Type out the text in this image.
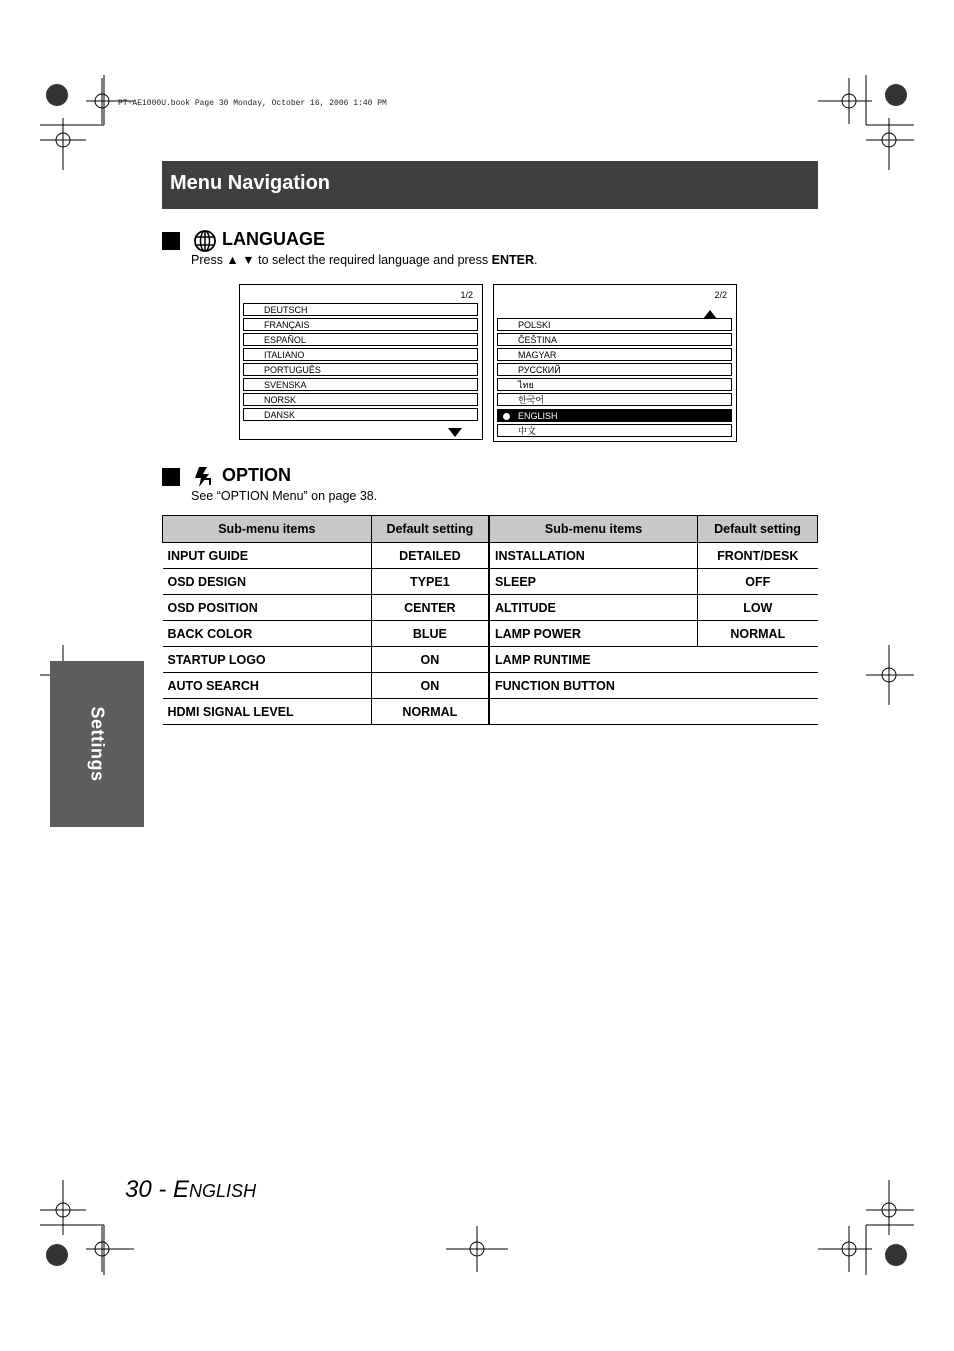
PT-AE1000U.book Page 30 Monday, October 16, 2006 1:40 PM
Menu Navigation
Settings
LANGUAGE
Press ▲ ▼ to select the required language and press ENTER.
1/2
DEUTSCH
FRANÇAIS
ESPAÑOL
ITALIANO
PORTUGUÊS
SVENSKA
NORSK
DANSK
2/2
POLSKI
ČEŠTINA
MAGYAR
РУССКИЙ
ไทย
한국어
ENGLISH
中文
OPTION
See “OPTION Menu” on page 38.
Sub-menu items	Default setting	Sub-menu items	Default setting
INPUT GUIDE	DETAILED	INSTALLATION	FRONT/DESK
OSD DESIGN	TYPE1	SLEEP	OFF
OSD POSITION	CENTER	ALTITUDE	LOW
BACK COLOR	BLUE	LAMP POWER	NORMAL
STARTUP LOGO	ON	LAMP RUNTIME	
AUTO SEARCH	ON	FUNCTION BUTTON	
HDMI SIGNAL LEVEL	NORMAL		
30 - ENGLISH
